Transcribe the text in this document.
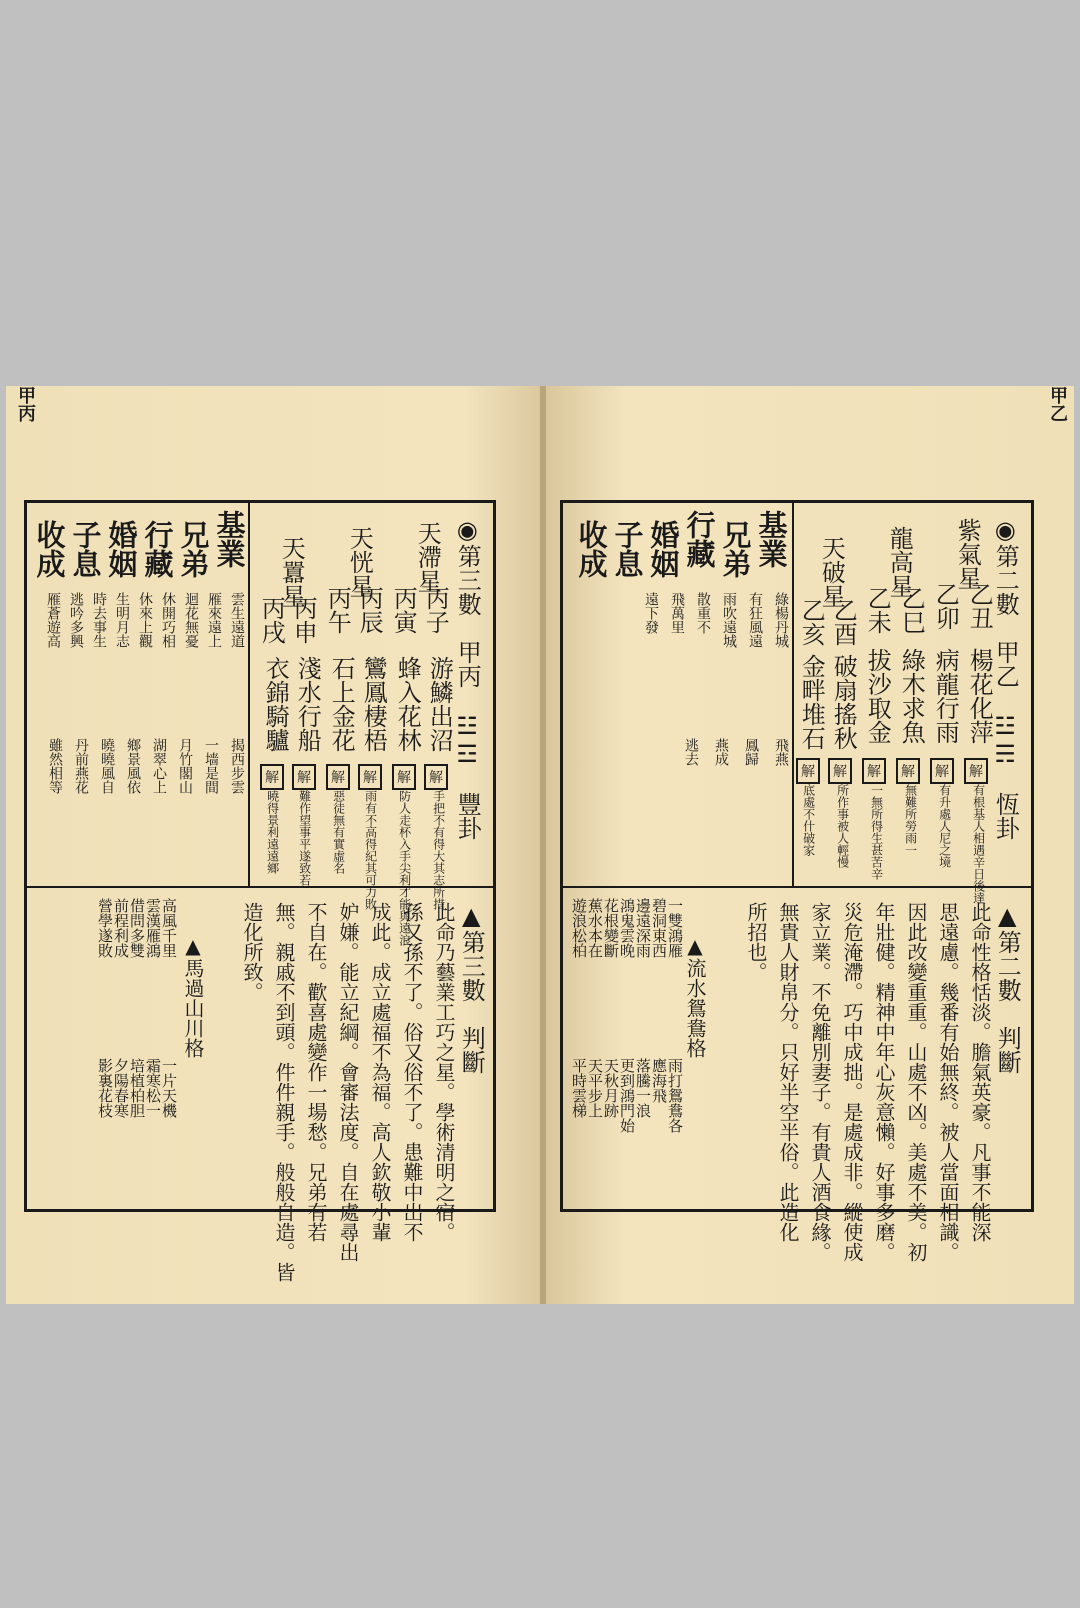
甲丙
◉第三數　甲丙　☳☲　豐卦
天滯星
丙子
游鱗出沼
解
手把不有得大其志所措
丙寅
蜂入花林
解
防人走杯入手尖利才能與遠浪
天恍星
丙辰
鸞鳳棲梧
解
雨有不高得紀其可力敗
丙午
石上金花
解
惡徒無有實虛名
天囂星
丙申
淺水行船
解
難作望事平遂致若
丙戌
衣錦騎驢
解
曉得景利遠遠鄉
基業
兄弟
行藏
婚姻
子息
收成
雲生遠道
雁來遠上
迴花無憂
休開巧相
休來上觀
生明月志
時去事生
逃吟多興
雁蒼遊高
揭西步雲
一墙是間
月竹閣山
湖翠心上
鄉景風依
曉曉風自
丹前燕花
雖然相等
▲第三數　判斷
此命乃藝業工巧之星。學術清明之宿。
孫又孫不了。俗又俗不了。患難中出不
成此。成立處福不為福。高人欽敬小輩
妒嫌。能立紀綱。會審法度。自在處尋出
不自在。歡喜處變作一場愁。兄弟有若
無。親戚不到頭。件件親手。般般自造。皆
造化所致。
▲馬過山川格
高風千里
雲漢雁鴻
借問多雙
前程利成
營學遂敗
一片天機
霜寒松一
培植柏胆
夕陽春寒
影裏花枝
甲乙
◉第二數　甲乙　☳☴　恆卦
紫氣星
乙丑
楊花化萍
解
有根基人相遇辛日後達
乙卯
病龍行雨
解
有升處人尼之境
龍高星
乙巳
綠木求魚
解
無難所勞雨一
乙未
拔沙取金
解
一無所得生甚苦辛
天破星
乙酉
破扇搖秋
解
所作事被人輕慢
乙亥
金畔堆石
解
底處不什破家
基業
兄弟
行藏
婚姻
子息
收成
綠楊丹城
有狂風遠
雨吹遠城
散重不
飛萬里
遠下發
飛燕
鳳歸
燕成
逃去
▲第二數　判斷
此命性格恬淡。膽氣英豪。凡事不能深
思遠慮。幾番有始無終。被人當面相識。
因此改變重重。山處不凶。美處不美。初
年壯健。精神中年心灰意懶。好事多磨。
災危淹滯。巧中成拙。是處成非。縱使成
家立業。不免離別妻子。有貴人酒食緣。
無貴人財帛分。只好半空半俗。此造化
所招也。
▲流水鴛鴦格
一雙鴻雁
碧洞東西
邊遠深雨
鴻鬼雲晚
花根變斷
蕉水本在
遊浪松柏
雨打鴛鴦各
應海飛
落騰一浪
更到鴻門始
天秋月跡
天平步上
平時雲梯
